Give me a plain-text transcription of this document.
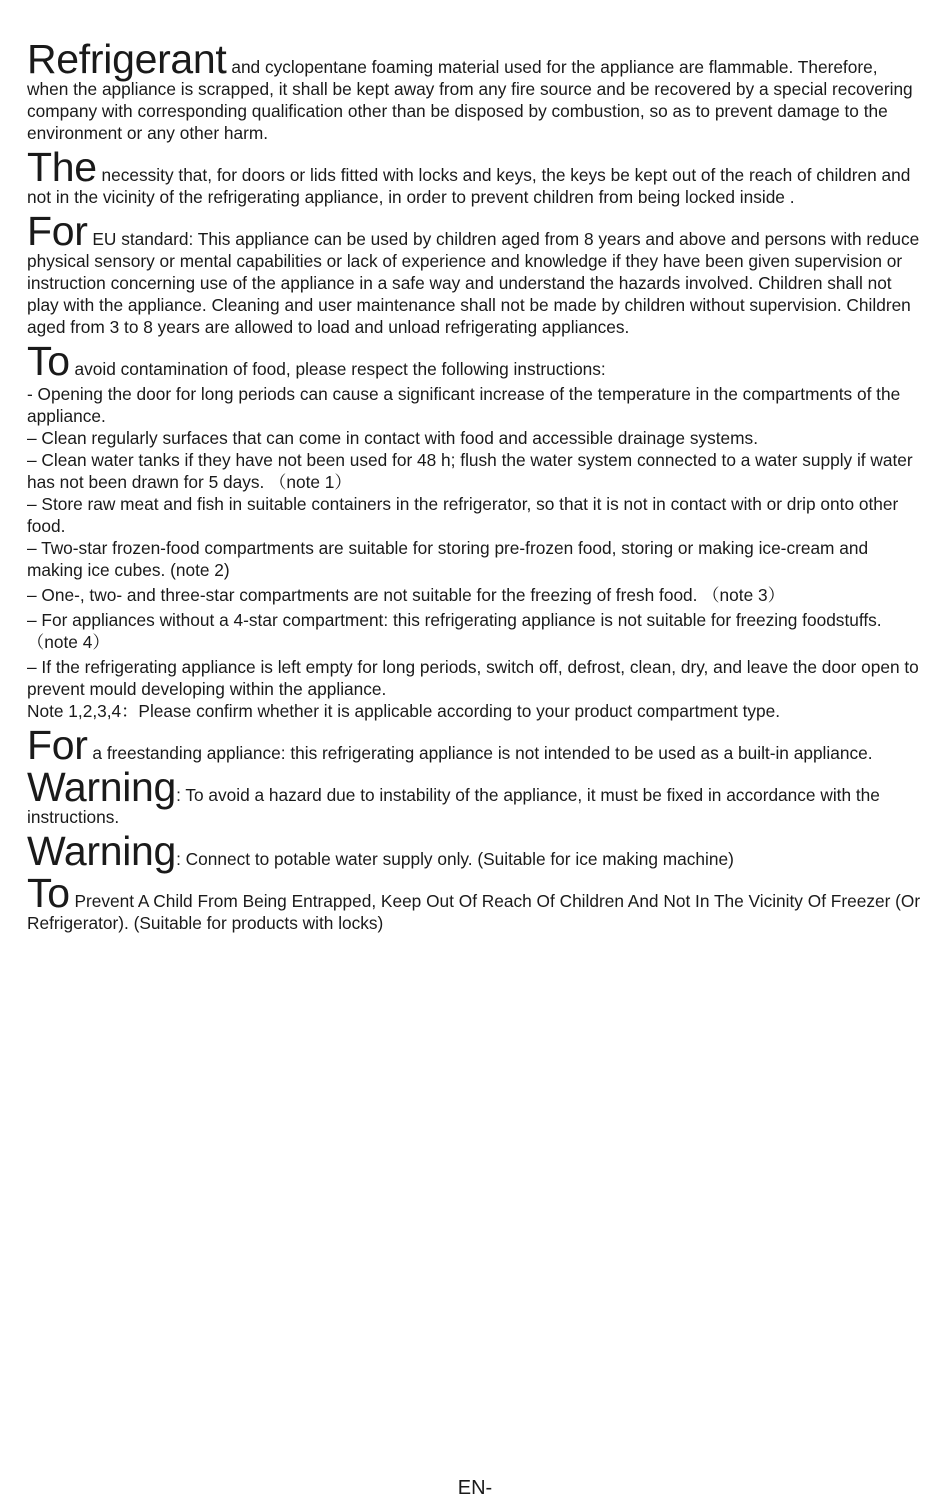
Refrigerant and cyclopentane foaming material used for the appliance are flammable. Therefore, when the appliance is scrapped, it shall be kept away from any fire source and be recovered by a special recovering company with corresponding qualification other than be disposed by combustion, so as to prevent damage to the environment or any other harm.

The necessity that, for doors or lids fitted with locks and keys, the keys be kept out of the reach of children and not in the vicinity of the refrigerating appliance, in order to prevent children from being locked inside .

For EU standard: This appliance can be used by children aged from 8 years and above and persons with reduce physical sensory or mental capabilities or lack of experience and knowledge if they have been given supervision or instruction concerning use of the appliance in a safe way and understand the hazards involved. Children shall not play with the appliance. Cleaning and user maintenance shall not be made by children without supervision. Children aged from 3 to 8 years are allowed to load and unload refrigerating appliances.

To avoid contamination of food, please respect the following instructions:

- Opening the door for long periods can cause a significant increase of the temperature in the compartments of the appliance.

– Clean regularly surfaces that can come in contact with food and accessible drainage systems.

– Clean water tanks if they have not been used for 48 h; flush the water system connected to a water supply if water has not been drawn for 5 days. （note 1）

– Store raw meat and fish in suitable containers in the refrigerator, so that it is not in contact with or drip onto other food.

– Two-star frozen-food compartments are suitable for storing pre-frozen food, storing or making ice-cream and making ice cubes. (note 2)

– One-, two- and three-star compartments are not suitable for the freezing of fresh food. （note 3）

– For appliances without a 4-star compartment: this refrigerating appliance is not suitable for freezing foodstuffs.（note 4）

– If the refrigerating appliance is left empty for long periods, switch off, defrost, clean, dry, and leave the door open to prevent mould developing within the appliance.

Note 1,2,3,4：Please confirm whether it is applicable according to your product compartment type.

For a freestanding appliance: this refrigerating appliance is not intended to be used as a built-in appliance.

Warning: To avoid a hazard due to instability of the appliance, it must be fixed in accordance with the instructions.

Warning: Connect to potable water supply only. (Suitable for ice making machine)

To Prevent A Child From Being Entrapped, Keep Out Of Reach Of Children And Not In The Vicinity Of Freezer (Or Refrigerator). (Suitable for products with locks)

EN-
